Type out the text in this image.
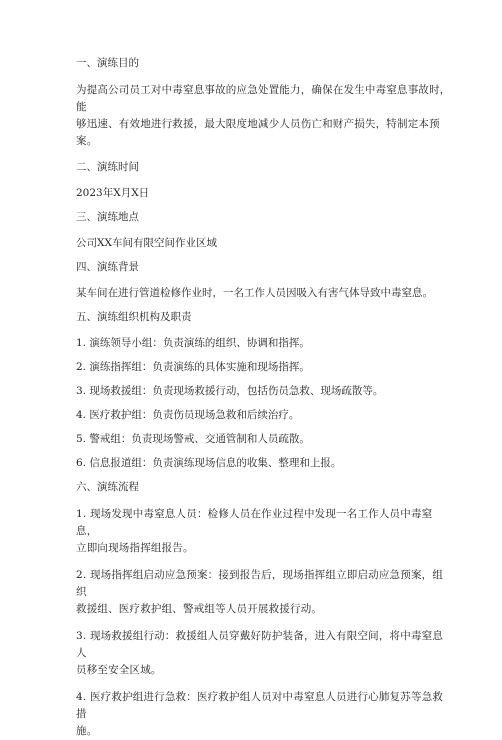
一、演练目的

为提高公司员工对中毒窒息事故的应急处置能力，确保在发生中毒窒息事故时，能

够迅速、有效地进行救援，最大限度地减少人员伤亡和财产损失，特制定本预案。

二、演练时间

2023年X月X日

三、演练地点

公司XX车间有限空间作业区域

四、演练背景

某车间在进行管道检修作业时，一名工作人员因吸入有害气体导致中毒窒息。

五、演练组织机构及职责

1. 演练领导小组：负责演练的组织、协调和指挥。

2. 演练指挥组：负责演练的具体实施和现场指挥。

3. 现场救援组：负责现场救援行动，包括伤员急救、现场疏散等。

4. 医疗救护组：负责伤员现场急救和后续治疗。

5. 警戒组：负责现场警戒、交通管制和人员疏散。

6. 信息报道组：负责演练现场信息的收集、整理和上报。

六、演练流程

1. 现场发现中毒窒息人员：检修人员在作业过程中发现一名工作人员中毒窒息，

立即向现场指挥组报告。

2. 现场指挥组启动应急预案：接到报告后，现场指挥组立即启动应急预案，组织

救援组、医疗救护组、警戒组等人员开展救援行动。

3. 现场救援组行动：救援组人员穿戴好防护装备，进入有限空间，将中毒窒息人

员移至安全区域。

4. 医疗救护组进行急救：医疗救护组人员对中毒窒息人员进行心肺复苏等急救措

施。
